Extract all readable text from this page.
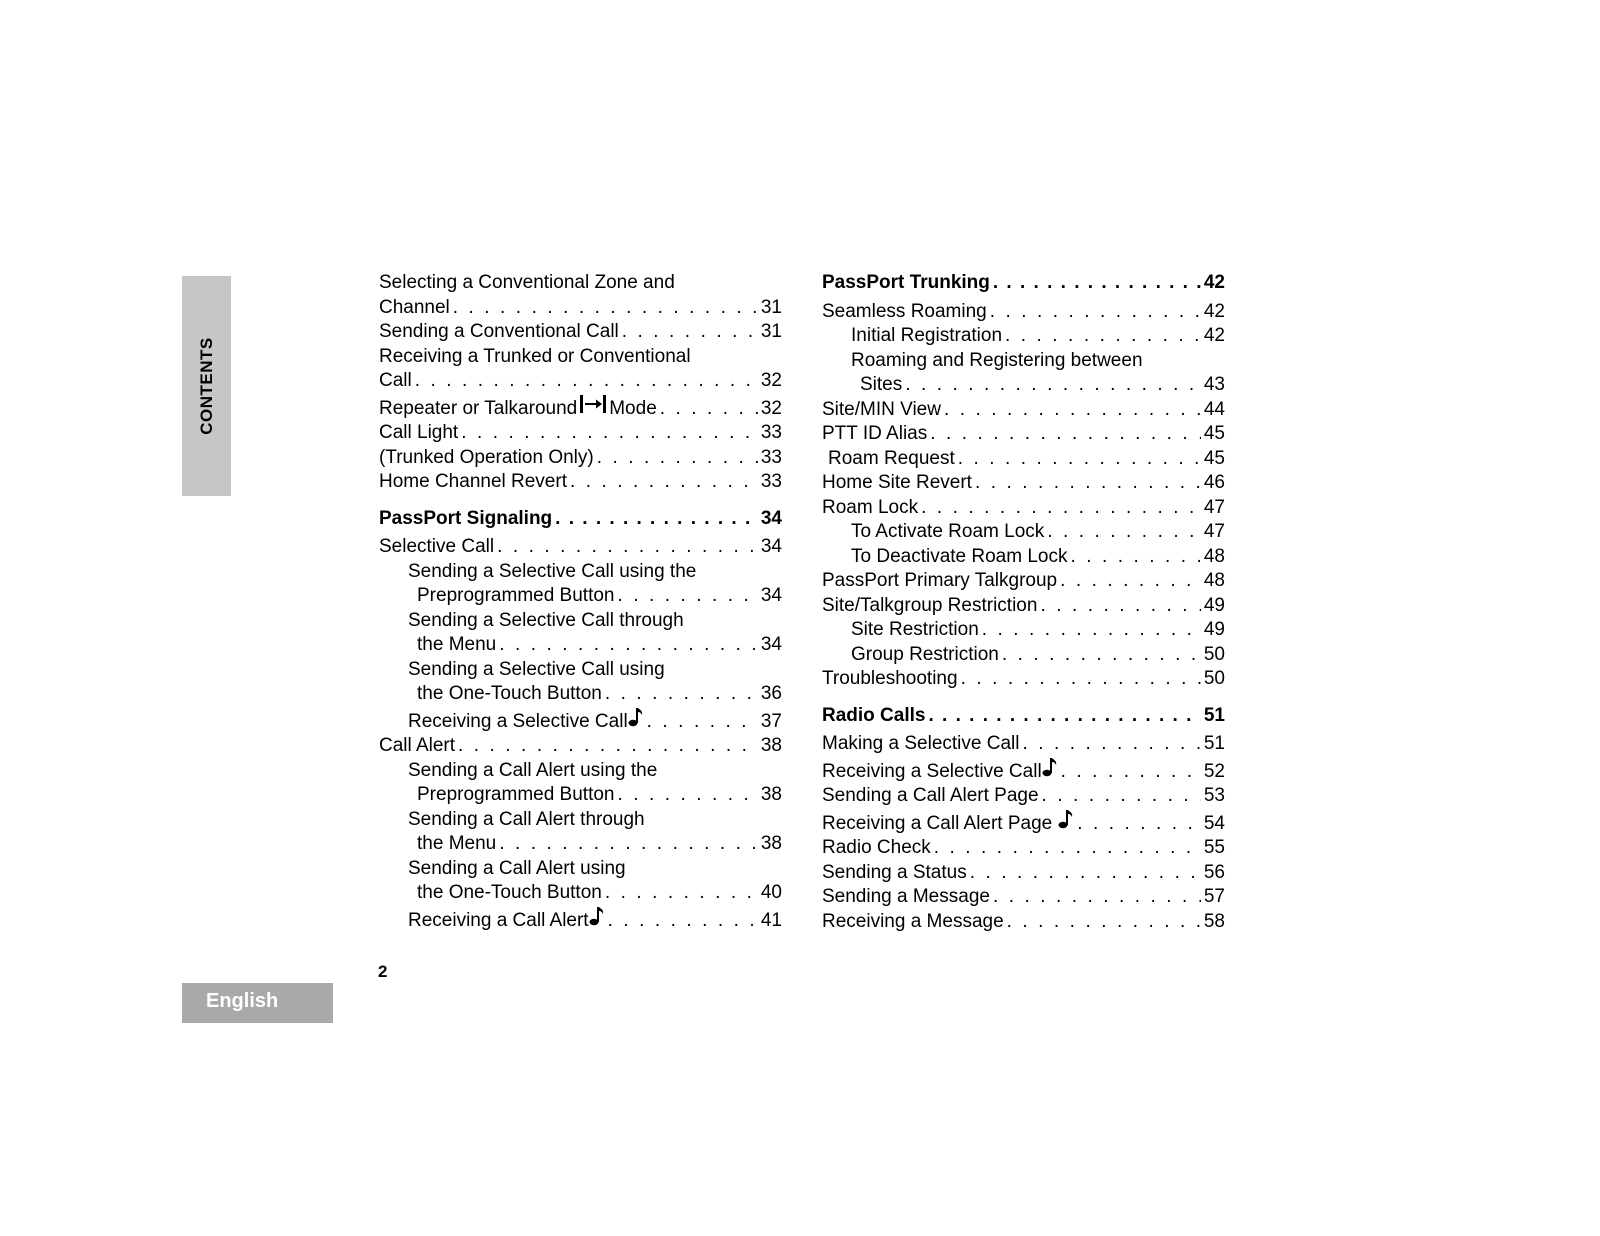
CONTENTS
Selecting a Conventional Zone and
Channel . . .	31
Sending a Conventional Call . . .	31
Receiving a Trunked or Conventional
Call . . .	32
Repeater or Talkaround Mode . . .	32
Call Light . . .	33
(Trunked Operation Only) . . .	33
Home Channel Revert . . .	33
PassPort Signaling . . .	34
Selective Call . . .	34
Sending a Selective Call using the
Preprogrammed Button . . .	34
Sending a Selective Call through
the Menu . . .	34
Sending a Selective Call using
the One-Touch Button . . .	36
Receiving a Selective Call . . .	37
Call Alert . . .	38
Sending a Call Alert using the
Preprogrammed Button . . .	38
Sending a Call Alert through
the Menu . . .	38
Sending a Call Alert using
the One-Touch Button . . .	40
Receiving a Call Alert . . .	41
PassPort Trunking . . .	42
Seamless Roaming . . .	42
Initial Registration . . .	42
Roaming and Registering between
Sites . . .	43
Site/MIN View . . .	44
PTT ID Alias . . .	45
Roam Request . . .	45
Home Site Revert . . .	46
Roam Lock . . .	47
To Activate Roam Lock . . .	47
To Deactivate Roam Lock . . .	48
PassPort Primary Talkgroup . . .	48
Site/Talkgroup Restriction . . .	49
Site Restriction . . .	49
Group Restriction . . .	50
Troubleshooting . . .	50
Radio Calls . . .	51
Making a Selective Call . . .	51
Receiving a Selective Call . . .	52
Sending a Call Alert Page . . .	53
Receiving a Call Alert Page . . .	54
Radio Check . . .	55
Sending a Status . . .	56
Sending a Message . . .	57
Receiving a Message . . .	58
2
English
